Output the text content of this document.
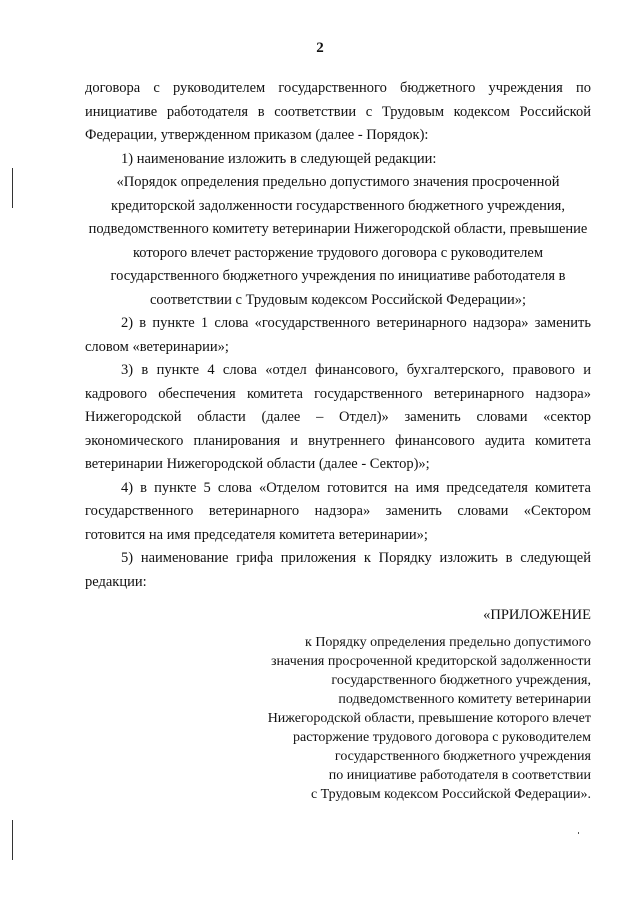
2

договора с руководителем государственного бюджетного учреждения по инициативе работодателя в соответствии с Трудовым кодексом Российской Федерации, утвержденном приказом (далее - Порядок):

1) наименование изложить в следующей редакции:

«Порядок определения предельно допустимого значения просроченной
кредиторской задолженности государственного бюджетного учреждения,
подведомственного комитету ветеринарии Нижегородской области, превышение
которого влечет расторжение трудового договора с руководителем
государственного бюджетного учреждения по инициативе работодателя в
соответствии с Трудовым кодексом Российской Федерации»;

2) в пункте 1 слова «государственного ветеринарного надзора» заменить словом «ветеринарии»;

3) в пункте 4 слова «отдел финансового, бухгалтерского, правового и кадрового обеспечения комитета государственного ветеринарного надзора» Нижегородской области (далее – Отдел)» заменить словами «сектор экономического планирования и внутреннего финансового аудита комитета ветеринарии Нижегородской области (далее - Сектор)»;

4) в пункте 5 слова «Отделом готовится на имя председателя комитета государственного ветеринарного надзора» заменить словами «Сектором готовится на имя председателя комитета ветеринарии»;

5) наименование грифа приложения к Порядку изложить в следующей редакции:

«ПРИЛОЖЕНИЕ

к Порядку определения предельно допустимого
значения просроченной кредиторской задолженности
государственного бюджетного учреждения,
подведомственного комитету ветеринарии
Нижегородской области, превышение которого влечет
расторжение трудового договора с руководителем
государственного бюджетного учреждения
по инициативе работодателя в соответствии
с Трудовым кодексом Российской Федерации».
